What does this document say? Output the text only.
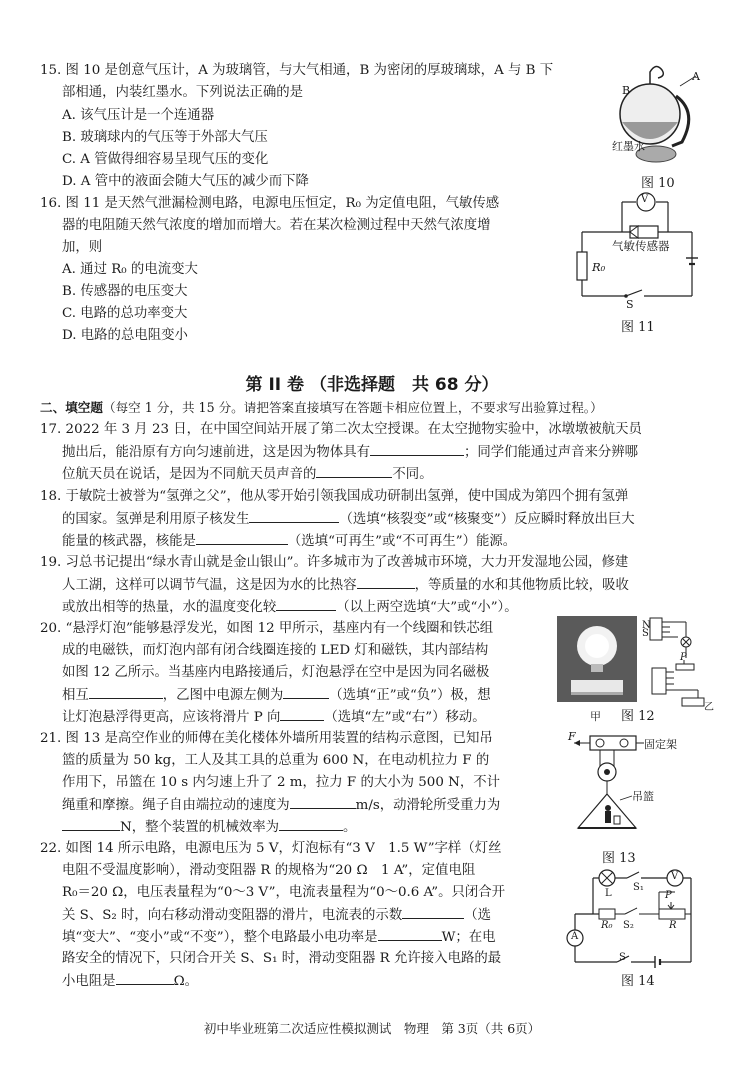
15. 图 10 是创意气压计，A 为玻璃管，与大气相通，B 为密闭的厚玻璃球，A 与 B 下
部相通，内装红墨水。下列说法正确的是
A. 该气压计是一个连通器
B. 玻璃球内的气压等于外部大气压
C. A 管做得细容易呈现气压的变化
D. A 管中的液面会随大气压的减少而下降
A
B
红墨水
图 10
16. 图 11 是天然气泄漏检测电路，电源电压恒定，R₀ 为定值电阻，气敏传感
器的电阻随天然气浓度的增加而增大。若在某次检测过程中天然气浓度增
加，则
A. 通过 R₀ 的电流变大
B. 传感器的电压变大
C. 电路的总功率变大
D. 电路的总电阻变小
V
气敏传感器
R₀
S
图 11
第 II 卷 （非选择题　共 68 分）
二、填空题（每空 1 分，共 15 分。请把答案直接填写在答题卡相应位置上，不要求写出验算过程。）
17. 2022 年 3 月 23 日，在中国空间站开展了第二次太空授课。在太空抛物实验中，冰墩墩被航天员
抛出后，能沿原有方向匀速前进，这是因为物体具有	；同学们能通过声音来分辨哪
位航天员在说话，是因为不同航天员声音的	不同。
18. 于敏院士被誉为“氢弹之父”，他从零开始引领我国成功研制出氢弹，使中国成为第四个拥有氢弹
的国家。氢弹是利用原子核发生	（选填“核裂变”或“核聚变”）反应瞬时释放出巨大
能量的核武器，核能是	（选填“可再生”或“不可再生”）能源。
19. 习总书记提出“绿水青山就是金山银山”。许多城市为了改善城市环境，大力开发湿地公园，修建
人工湖，这样可以调节气温，这是因为水的比热容	，等质量的水和其他物质比较，吸收
或放出相等的热量，水的温度变化较	（以上两空选填“大”或“小”）。
20. “悬浮灯泡”能够悬浮发光，如图 12 甲所示，基座内有一个线圈和铁芯组
成的电磁铁，而灯泡内部有闭合线圈连接的 LED 灯和磁铁，其内部结构
如图 12 乙所示。当基座内电路接通后，灯泡悬浮在空中是因为同名磁极
相互	，乙图中电源左侧为	（选填“正”或“负”）极，想
让灯泡悬浮得更高，应该将滑片 P 向	（选填“左”或“右”）移动。
N
S
P
乙
甲 图 12
21. 图 13 是高空作业的师傅在美化楼体外墙所用装置的结构示意图，已知吊
篮的质量为 50 kg，工人及其工具的总重为 600 N，在电动机拉力 F 的
作用下，吊篮在 10 s 内匀速上升了 2 m，拉力 F 的大小为 500 N，不计
绳重和摩擦。绳子自由端拉动的速度为	m/s，动滑轮所受重力为
N，整个装置的机械效率为	。
F
固定架
吊篮
图 13
22. 如图 14 所示电路，电源电压为 5 V，灯泡标有“3 V　1.5 W”字样（灯丝
电阻不受温度影响），滑动变阻器 R 的规格为“20 Ω　1 A”，定值电阻
R₀＝20 Ω，电压表量程为“0～3 V”，电流表量程为“0～0.6 A”。只闭合开
关 S、S₂ 时，向右移动滑动变阻器的滑片，电流表的示数	（选
填“变大”、“变小”或“不变”），整个电路最小电功率是	W；在电
路安全的情况下，只闭合开关 S、S₁ 时，滑动变阻器 R 允许接入电路的最
小电阻是	Ω。
V
A
L
S₁
S₂
R₀	R
P
S
图 14
初中毕业班第二次适应性模拟测试　物理　第 3页（共 6页）
